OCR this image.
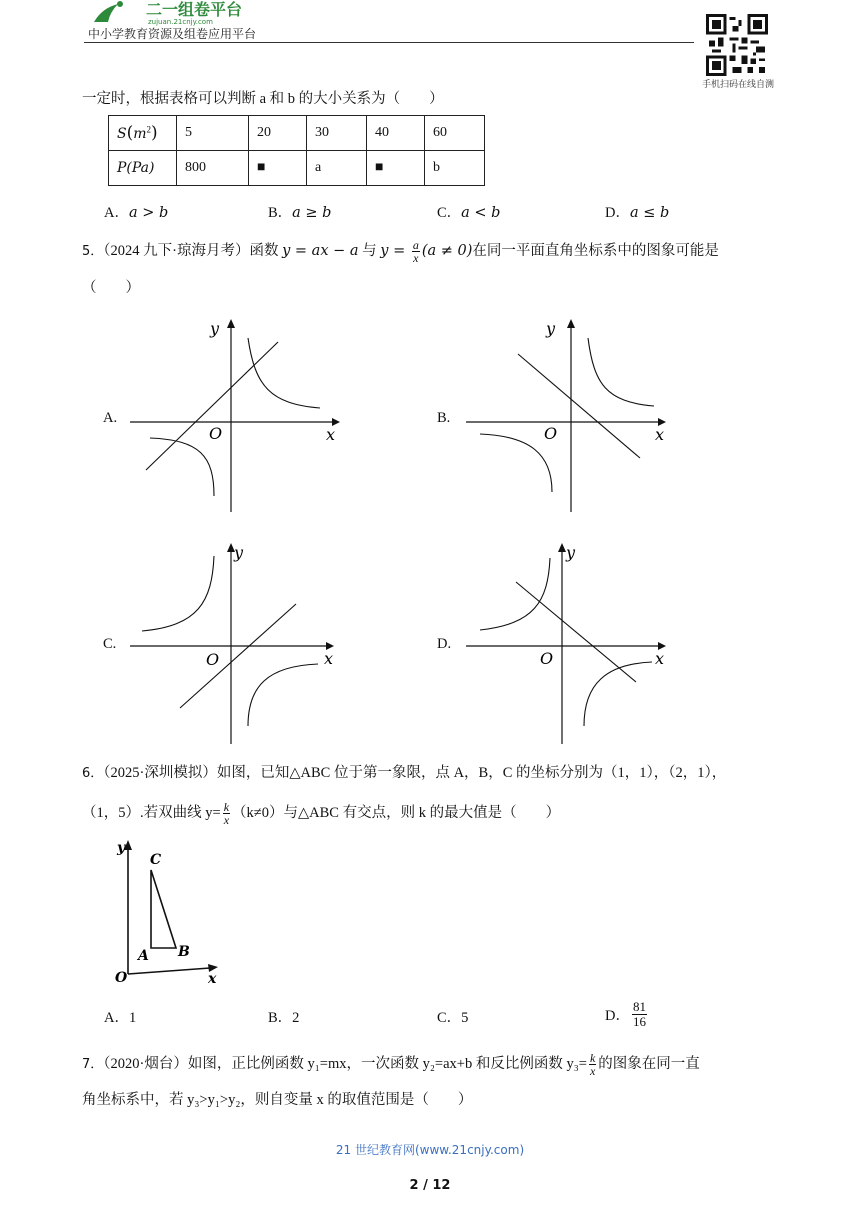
二一组卷平台
zujuan.21cnjy.com
中小学教育资源及组卷应用平台
手机扫码在线自测
一定时，根据表格可以判断 a 和 b 的大小关系为（　　）
$S(m^2)$	5	20	30	40	60
P(Pa)	800	■	a	■	b
A．a > b	B．a ≥ b	C．a < b	D．a ≤ b
5．（2024 九下·琼海月考）函数 y = ax − a 与 $y = \frac{a}{x} (a \ne 0)$在同一平面直角坐标系中的图象可能是
（　　）
A.
x
y
O
B.
x
y
O
C.
x
y
O
D.
x
y
O
6．（2025·深圳模拟）如图，已知△ABC 位于第一象限，点 A，B，C 的坐标分别为（1，1），（2，1），
（1，5）.若双曲线 $y= \frac{k}{x} (k\ne 0)$与△ABC 有交点，则 k 的最大值是（　　）
y
x
O
C
A B
A．1	B．2	C．5	D． $\frac{81}{16}$
7．（2020·烟台）如图，正比例函数 y₁=mx，一次函数 y₂=ax+b 和反比例函数 $y_3= \frac{k}{x}$ 的图象在同一直
角坐标系中，若 y₃>y₁>y₂，则自变量 x 的取值范围是（　　）
21 世纪教育网(www.21cnjy.com)
2 / 12
